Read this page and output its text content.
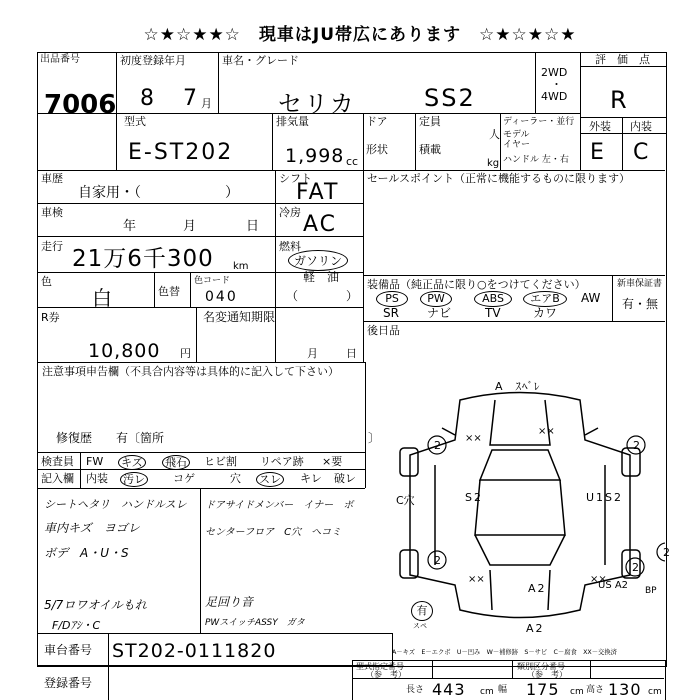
☆★☆★★☆　現車はJU帯広にあります　☆★☆★☆★
出品番号
7006
初度登録年月
8 7 月
車名・グレード
セリカ	SS2
2WD
・
4WD
評　価　点
R
外装 内装
E C
型式
E-ST202
排気量
1,998 cc
ドア
形状
定員
人
積載
kg
ディーラー・並行
モデル
イヤー
ハンドル 左・右
車歴
自家用・（　　　　　　）
シフト
FAT
セールスポイント（正常に機能するものに限ります）
車検
年	月	日
冷房 AC
走行 21万6千300 km
燃料
ガソリン
軽　油
（　　　　）
色
白	色替
色コード
040
装備品（純正品に限り○をつけてください）
PS	PW	ABS	エアB	AW
SR ナビ	TV	カワ
新車保証書
有・無
R券
10,800 円
名変通知期限
月	日
後日品
注意事項申告欄（不具合内容等は具体的に記入して下さい）
修復歴　　有〔箇所　　　　　　　　　　　　　　　　　〕
検査員
記入欄
FW キズ 飛石 ヒビ割 リペア跡 ×要
内装 汚レ	コゲ	穴 スレ キレ 破レ
シートヘタリ　ハンドルスレ
車内キズ　ヨゴレ
ボデ　A・U・S
5/7ロワオイルもれ
F/Dｱｼ・C
ドアサイドメンバー　イナー　ボ
センターフロア　C穴　ヘコミ
足回り音
PWスイッチASSY　ガタ
A　ｽﾍﾞﾚ
2	2
2
2
2
××
××
××	××
C穴	S2	U1S2
US A2 BP
A2
A2
有
スペ
A－キズ　E－エクボ　U－凹み　W－補修跡　S－サビ　C－腐食　XX－交換済
車台番号 ST202-0111820
登録番号
型式指定番号
（参　考）
類別区分番号
（参　考）
長さ 443 cm 幅 175 cm 高さ 130 cm
